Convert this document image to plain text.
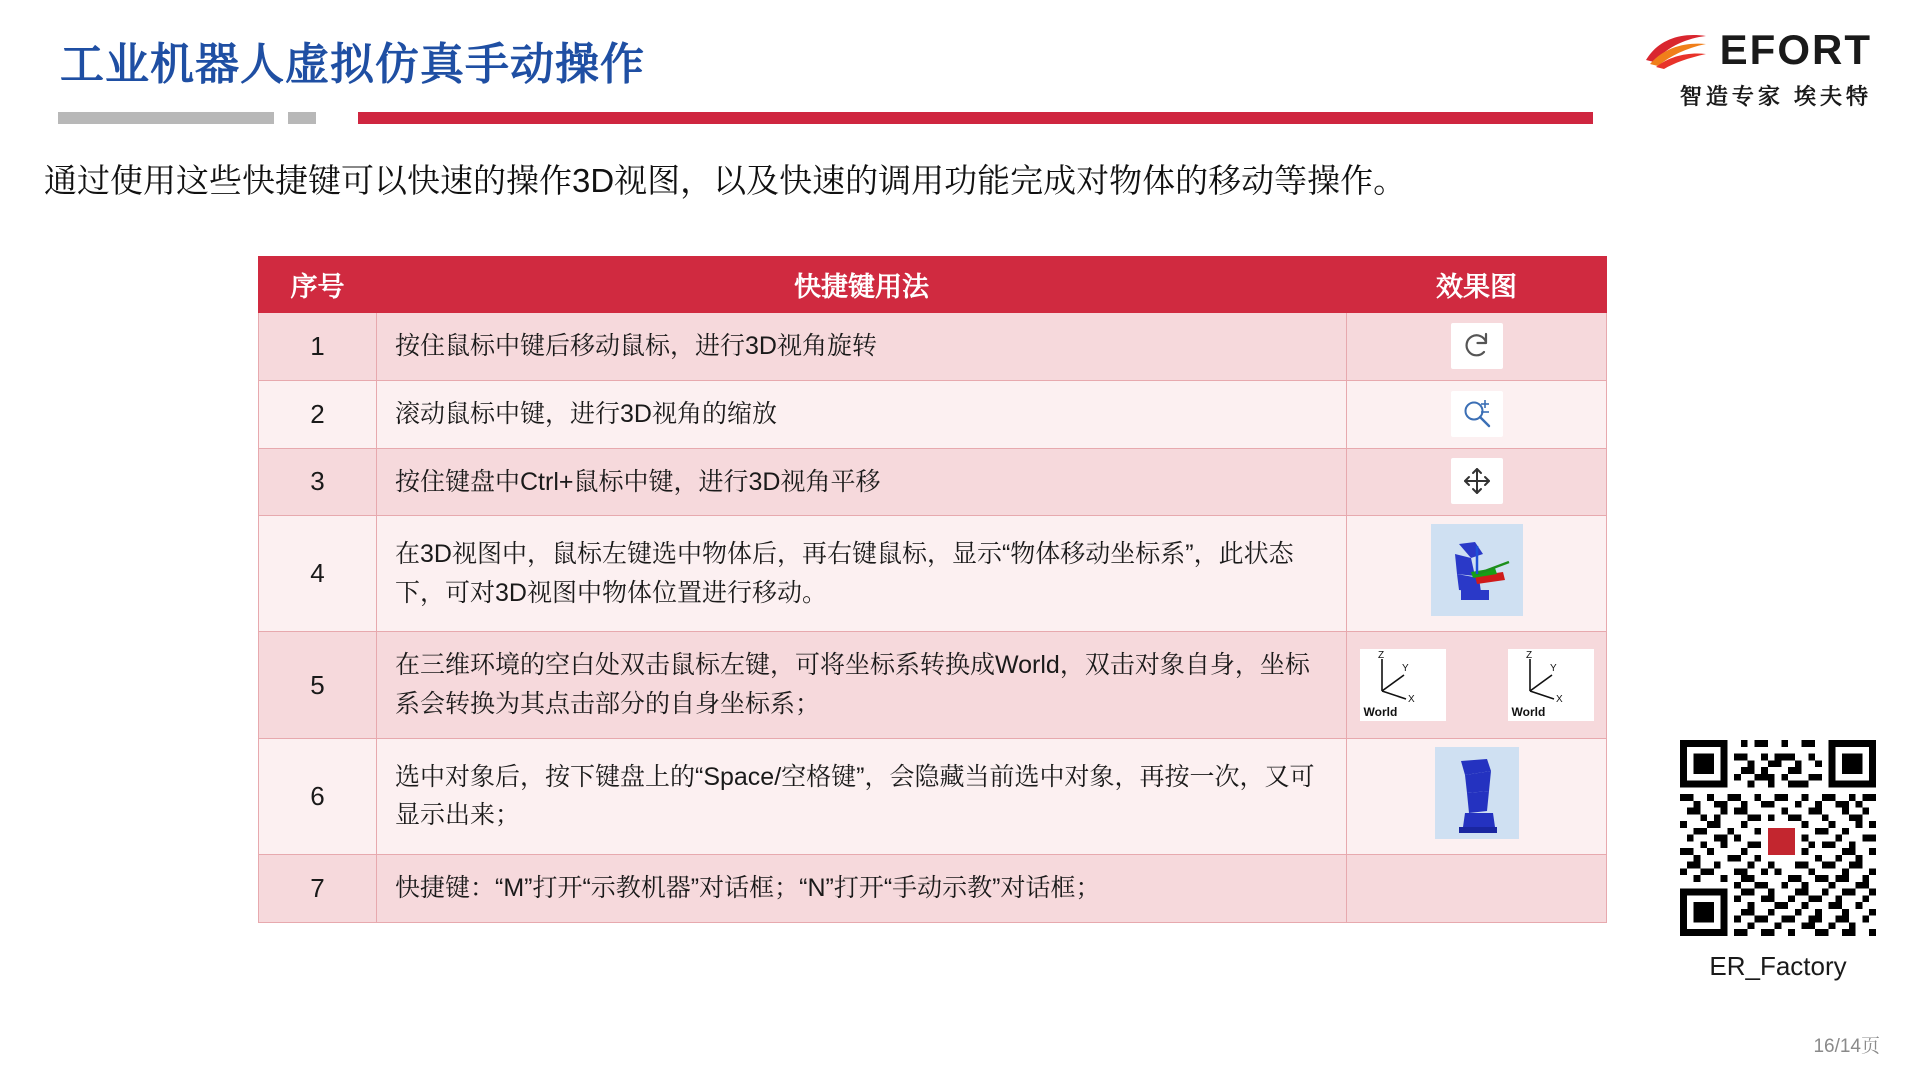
工业机器人虚拟仿真手动操作	EFORT
智造专家 埃夫特
通过使用这些快捷键可以快速的操作3D视图，以及快速的调用功能完成对物体的移动等操作。
序号	快捷键用法	效果图
1	按住鼠标中键后移动鼠标，进行3D视角旋转	

2	滚动鼠标中键，进行3D视角的缩放	

3	按住键盘中Ctrl+鼠标中键，进行3D视角平移	

4	在3D视图中，鼠标左键选中物体后，再右键鼠标，显示“物体移动坐标系”，此状态下，可对3D视图中物体位置进行移动。	

5	在三维环境的空白处双击鼠标左键，可将坐标系转换成World，双击对象自身，坐标系会转换为其点击部分的自身坐标系；	
Z
Y
X
World
Z
Y
X
World

6	选中对象后，按下键盘上的“Space/空格键”，会隐藏当前选中对象，再按一次，又可显示出来；	

7	快捷键：“M”打开“示教机器”对话框；“N”打开“手动示教”对话框；	
ER_Factory
16/14页
